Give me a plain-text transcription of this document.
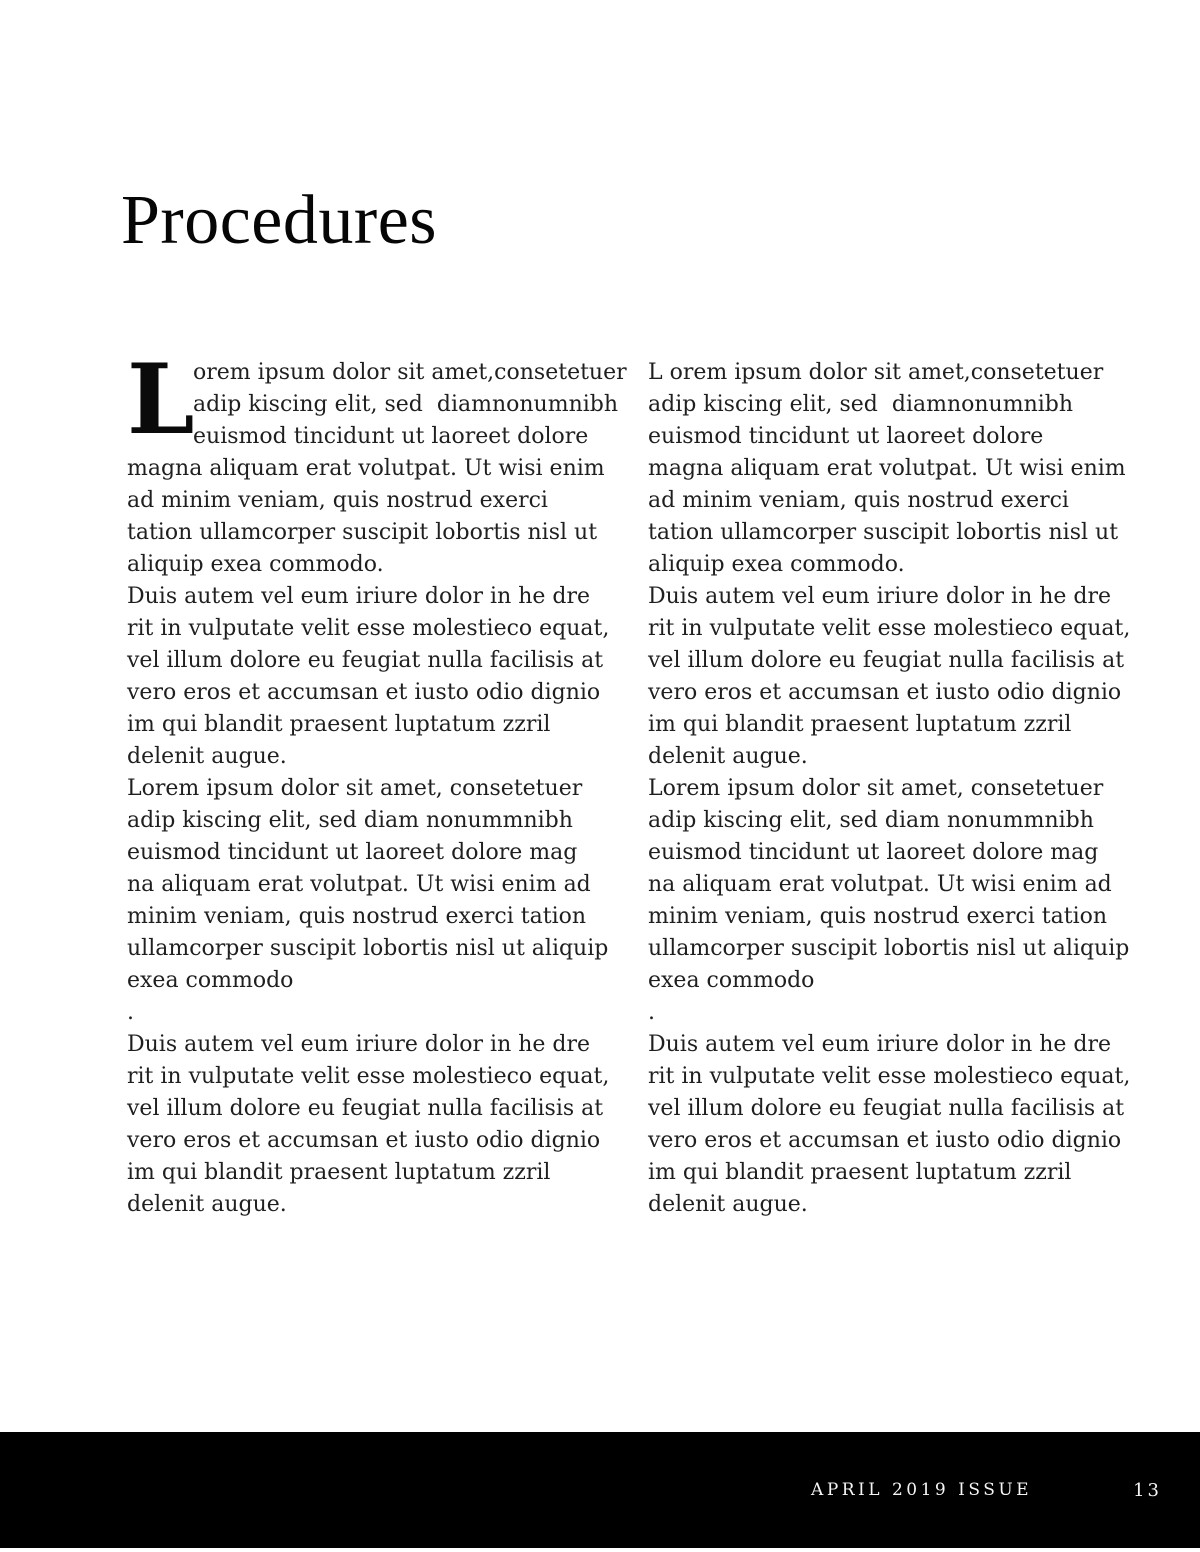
Procedures
L
orem ipsum dolor sit amet,consetetuer
adip kiscing elit, sed  diamnonumnibh
euismod tincidunt ut laoreet dolore
magna aliquam erat volutpat. Ut wisi enim
ad minim veniam, quis nostrud exerci
tation ullamcorper suscipit lobortis nisl ut
aliquip exea commodo.
Duis autem vel eum iriure dolor in he dre
rit in vulputate velit esse molestieco equat,
vel illum dolore eu feugiat nulla facilisis at
vero eros et accumsan et iusto odio dignio
im qui blandit praesent luptatum zzril
delenit augue.
Lorem ipsum dolor sit amet, consetetuer
adip kiscing elit, sed diam nonummnibh
euismod tincidunt ut laoreet dolore mag
na aliquam erat volutpat. Ut wisi enim ad
minim veniam, quis nostrud exerci tation
ullamcorper suscipit lobortis nisl ut aliquip
exea commodo
.
Duis autem vel eum iriure dolor in he dre
rit in vulputate velit esse molestieco equat,
vel illum dolore eu feugiat nulla facilisis at
vero eros et accumsan et iusto odio dignio
im qui blandit praesent luptatum zzril
delenit augue.
L orem ipsum dolor sit amet,consetetuer
adip kiscing elit, sed  diamnonumnibh
euismod tincidunt ut laoreet dolore
magna aliquam erat volutpat. Ut wisi enim
ad minim veniam, quis nostrud exerci
tation ullamcorper suscipit lobortis nisl ut
aliquip exea commodo.
Duis autem vel eum iriure dolor in he dre
rit in vulputate velit esse molestieco equat,
vel illum dolore eu feugiat nulla facilisis at
vero eros et accumsan et iusto odio dignio
im qui blandit praesent luptatum zzril
delenit augue.
Lorem ipsum dolor sit amet, consetetuer
adip kiscing elit, sed diam nonummnibh
euismod tincidunt ut laoreet dolore mag
na aliquam erat volutpat. Ut wisi enim ad
minim veniam, quis nostrud exerci tation
ullamcorper suscipit lobortis nisl ut aliquip
exea commodo
.
Duis autem vel eum iriure dolor in he dre
rit in vulputate velit esse molestieco equat,
vel illum dolore eu feugiat nulla facilisis at
vero eros et accumsan et iusto odio dignio
im qui blandit praesent luptatum zzril
delenit augue.
APRIL 2019 ISSUE	13
